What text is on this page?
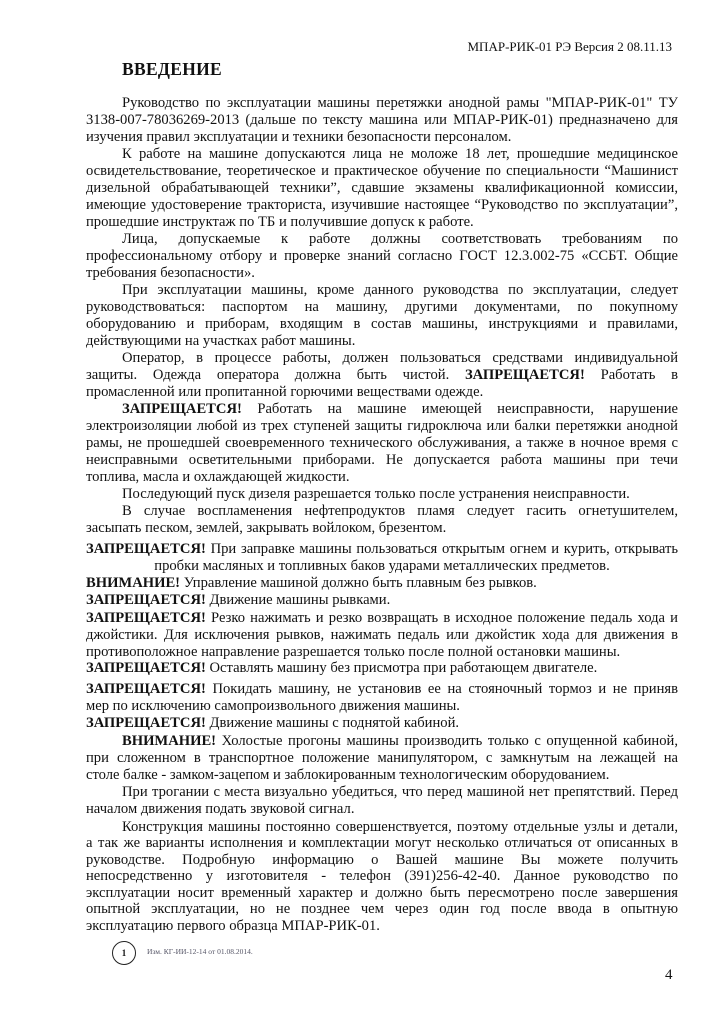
МПАР-РИК-01 РЭ Версия 2 08.11.13
ВВЕДЕНИЕ
Руководство по эксплуатации машины перетяжки анодной рамы "МПАР-РИК-01" ТУ
3138-007-78036269-2013 (дальше по тексту машина или МПАР-РИК-01) предназначено для
изучения правил эксплуатации и техники безопасности персоналом.
К работе на машине допускаются лица не моложе 18 лет, прошедшие медицинское
освидетельствование, теоретическое и практическое обучение по специальности “Машинист
дизельной обрабатывающей техники”, сдавшие экзамены квалификационной комиссии,
имеющие удостоверение тракториста, изучившие настоящее “Руководство по эксплуатации”,
прошедшие инструктаж по ТБ и получившие допуск к работе.
Лица, допускаемые к работе должны соответствовать требованиям по
профессиональному отбору и проверке знаний согласно ГОСТ 12.3.002-75 «ССБТ. Общие
требования безопасности».
При эксплуатации машины, кроме данного руководства по эксплуатации, следует
руководствоваться: паспортом на машину, другими документами, по покупному
оборудованию и приборам, входящим в состав машины, инструкциями и правилами,
действующими на участках работ машины.
Оператор, в процессе работы, должен пользоваться средствами индивидуальной
защиты. Одежда оператора должна быть чистой. ЗАПРЕЩАЕТСЯ! Работать в
промасленной или пропитанной горючими веществами одежде.
ЗАПРЕЩАЕТСЯ! Работать на машине имеющей неисправности, нарушение
электроизоляции любой из трех ступеней защиты гидроключа или балки перетяжки анодной
рамы, не прошедшей своевременного технического обслуживания, а также в ночное время с
неисправными осветительными приборами. Не допускается работа машины при течи
топлива, масла и охлаждающей жидкости.
Последующий пуск дизеля разрешается только после устранения неисправности.
В случае воспламенения нефтепродуктов пламя следует гасить огнетушителем,
засыпать песком, землей, закрывать войлоком, брезентом.
ЗАПРЕЩАЕТСЯ! При заправке машины пользоваться открытым огнем и курить, открывать
пробки масляных и топливных баков ударами металлических предметов.
ВНИМАНИЕ! Управление машиной должно быть плавным без рывков.
ЗАПРЕЩАЕТСЯ! Движение машины рывками.
ЗАПРЕЩАЕТСЯ! Резко нажимать и резко возвращать в исходное положение педаль хода и
джойстики. Для исключения рывков, нажимать педаль или джойстик хода для движения в
противоположное направление разрешается только после полной остановки машины.
ЗАПРЕЩАЕТСЯ! Оставлять машину без присмотра при работающем двигателе.
ЗАПРЕЩАЕТСЯ! Покидать машину, не установив ее на стояночный тормоз и не приняв
мер по исключению самопроизвольного движения машины.
ЗАПРЕЩАЕТСЯ! Движение машины с поднятой кабиной.
ВНИМАНИЕ! Холостые прогоны машины производить только с опущенной кабиной,
при сложенном в транспортное положение манипулятором, с замкнутым на лежащей на
столе балке - замком-зацепом и заблокированным технологическим оборудованием.
При трогании с места визуально убедиться, что перед машиной нет препятствий. Перед
началом движения подать звуковой сигнал.
Конструкция машины постоянно совершенствуется, поэтому отдельные узлы и детали,
а так же варианты исполнения и комплектации могут несколько отличаться от описанных в
руководстве. Подробную информацию о Вашей машине Вы можете получить
непосредственно у изготовителя - телефон (391)256-42-40. Данное руководство по
эксплуатации носит временный характер и должно быть пересмотрено после завершения
опытной эксплуатации, но не позднее чем через один год после ввода в опытную
эксплуатацию первого образца МПАР-РИК-01.
1	Изм. КГ-ИИ-12-14 от 01.08.2014.
4
